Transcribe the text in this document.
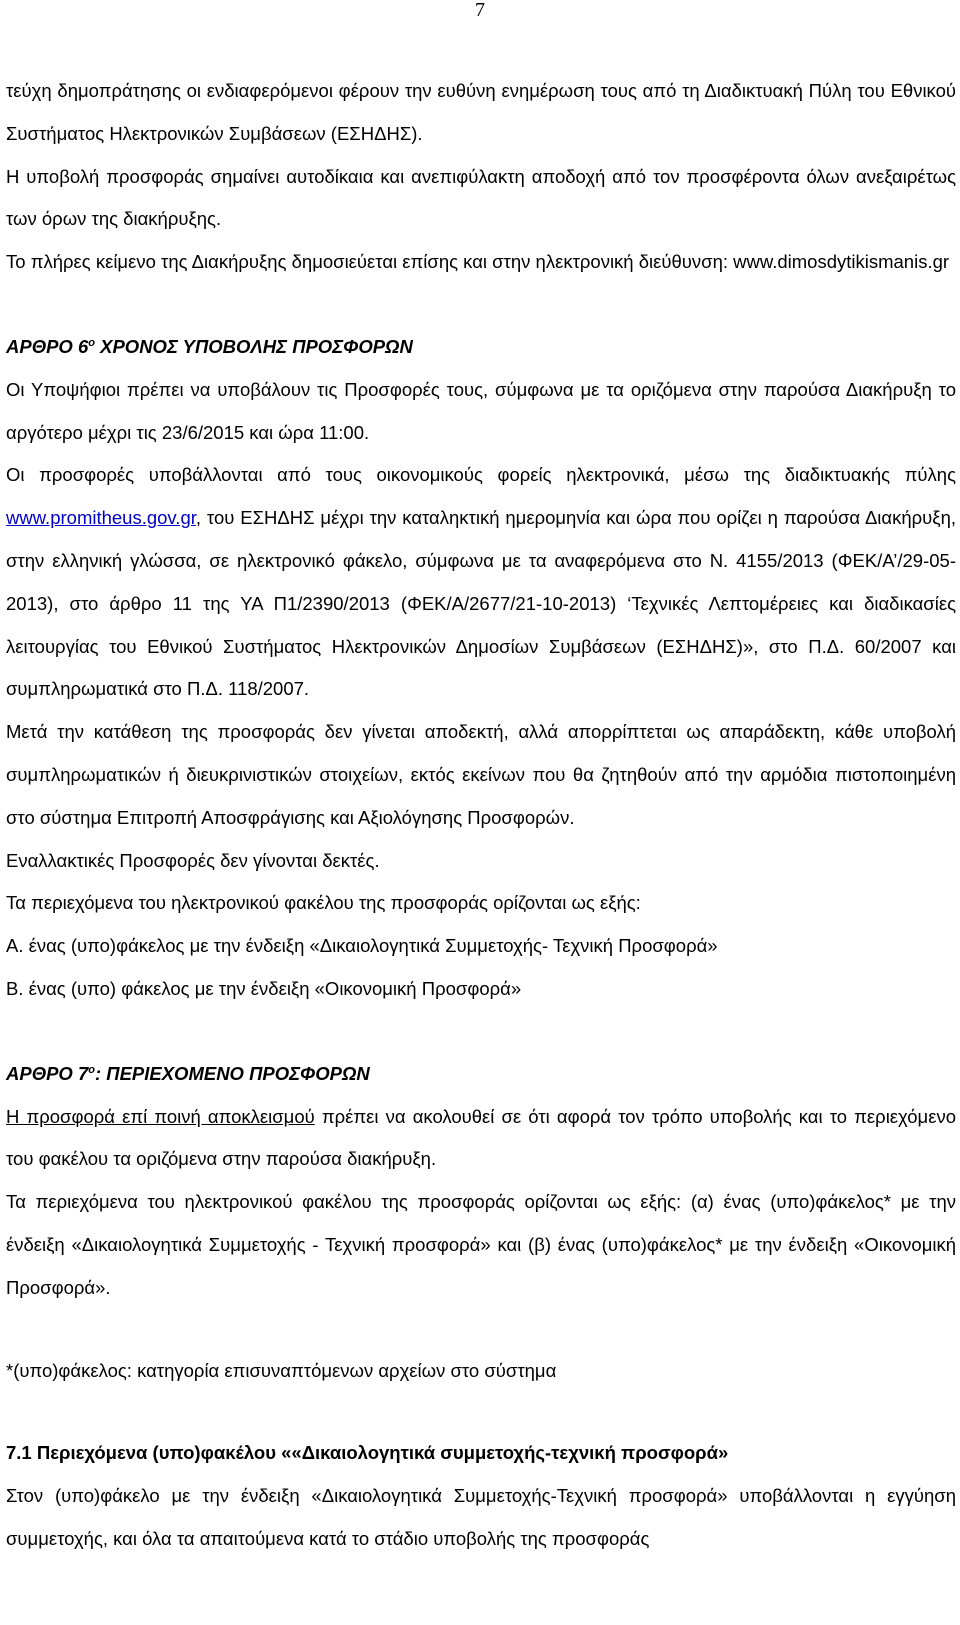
7

τεύχη δημοπράτησης οι ενδιαφερόμενοι φέρουν την ευθύνη ενημέρωση τους από τη Διαδικτυακή Πύλη του Εθνικού Συστήματος Ηλεκτρονικών Συμβάσεων (ΕΣΗΔΗΣ).

Η υποβολή προσφοράς σημαίνει αυτοδίκαια και ανεπιφύλακτη αποδοχή από τον προσφέροντα όλων ανεξαιρέτως των όρων της διακήρυξης.

Το πλήρες κείμενο της Διακήρυξης δημοσιεύεται επίσης και στην ηλεκτρονική διεύθυνση: www.dimosdytikismanis.gr

ΑΡΘΡΟ $6^o$ ΧΡΟΝΟΣ ΥΠΟΒΟΛΗΣ ΠΡΟΣΦΟΡΩΝ

Οι Υποψήφιοι πρέπει να υποβάλουν τις Προσφορές τους, σύμφωνα με τα οριζόμενα στην παρούσα Διακήρυξη το αργότερο μέχρι τις 23/6/2015 και ώρα 11:00.

Οι προσφορές υποβάλλονται από τους οικονομικούς φορείς ηλεκτρονικά, μέσω της διαδικτυακής πύλης www.promitheus.gov.gr, του ΕΣΗΔΗΣ μέχρι την καταληκτική ημερομηνία και ώρα που ορίζει η παρούσα Διακήρυξη, στην ελληνική γλώσσα, σε ηλεκτρονικό φάκελο, σύμφωνα με τα αναφερόμενα στο Ν. 4155/2013 (ΦΕΚ/Α’/29-05-2013), στο άρθρο 11 της ΥΑ Π1/2390/2013 (ΦΕΚ/Α/2677/21-10-2013) ‘Τεχνικές Λεπτομέρειες και διαδικασίες λειτουργίας του Εθνικού Συστήματος Ηλεκτρονικών Δημοσίων Συμβάσεων (ΕΣΗΔΗΣ)», στο Π.Δ. 60/2007 και συμπληρωματικά στο Π.Δ. 118/2007.

Μετά την κατάθεση της προσφοράς δεν γίνεται αποδεκτή, αλλά απορρίπτεται ως απαράδεκτη, κάθε υποβολή συμπληρωματικών ή διευκρινιστικών στοιχείων, εκτός εκείνων που θα ζητηθούν από την αρμόδια πιστοποιημένη στο σύστημα Επιτροπή Αποσφράγισης και Αξιολόγησης Προσφορών.

Εναλλακτικές Προσφορές δεν γίνονται δεκτές.

Τα περιεχόμενα του ηλεκτρονικού φακέλου της προσφοράς ορίζονται ως εξής:

Α. ένας (υπο)φάκελος με την ένδειξη «Δικαιολογητικά Συμμετοχής- Τεχνική Προσφορά»

Β. ένας (υπο) φάκελος με την ένδειξη «Οικονομική Προσφορά»

ΑΡΘΡΟ $7^o$: ΠΕΡΙΕΧΟΜΕΝΟ ΠΡΟΣΦΟΡΩΝ

Η προσφορά επί ποινή αποκλεισμού πρέπει να ακολουθεί σε ότι αφορά τον τρόπο υποβολής και το περιεχόμενο του φακέλου τα οριζόμενα στην παρούσα διακήρυξη.

Τα περιεχόμενα του ηλεκτρονικού φακέλου της προσφοράς ορίζονται ως εξής: (α) ένας (υπο)φάκελος* με την ένδειξη «Δικαιολογητικά Συμμετοχής - Τεχνική προσφορά» και (β) ένας (υπο)φάκελος* με την ένδειξη «Οικονομική Προσφορά».

*(υπο)φάκελος: κατηγορία επισυναπτόμενων αρχείων στο σύστημα

7.1 Περιεχόμενα (υπο)φακέλου ««Δικαιολογητικά συμμετοχής-τεχνική προσφορά»

Στον (υπο)φάκελο με την ένδειξη «Δικαιολογητικά Συμμετοχής-Τεχνική προσφορά» υποβάλλονται η εγγύηση συμμετοχής, και όλα τα απαιτούμενα κατά το στάδιο υποβολής της προσφοράς
